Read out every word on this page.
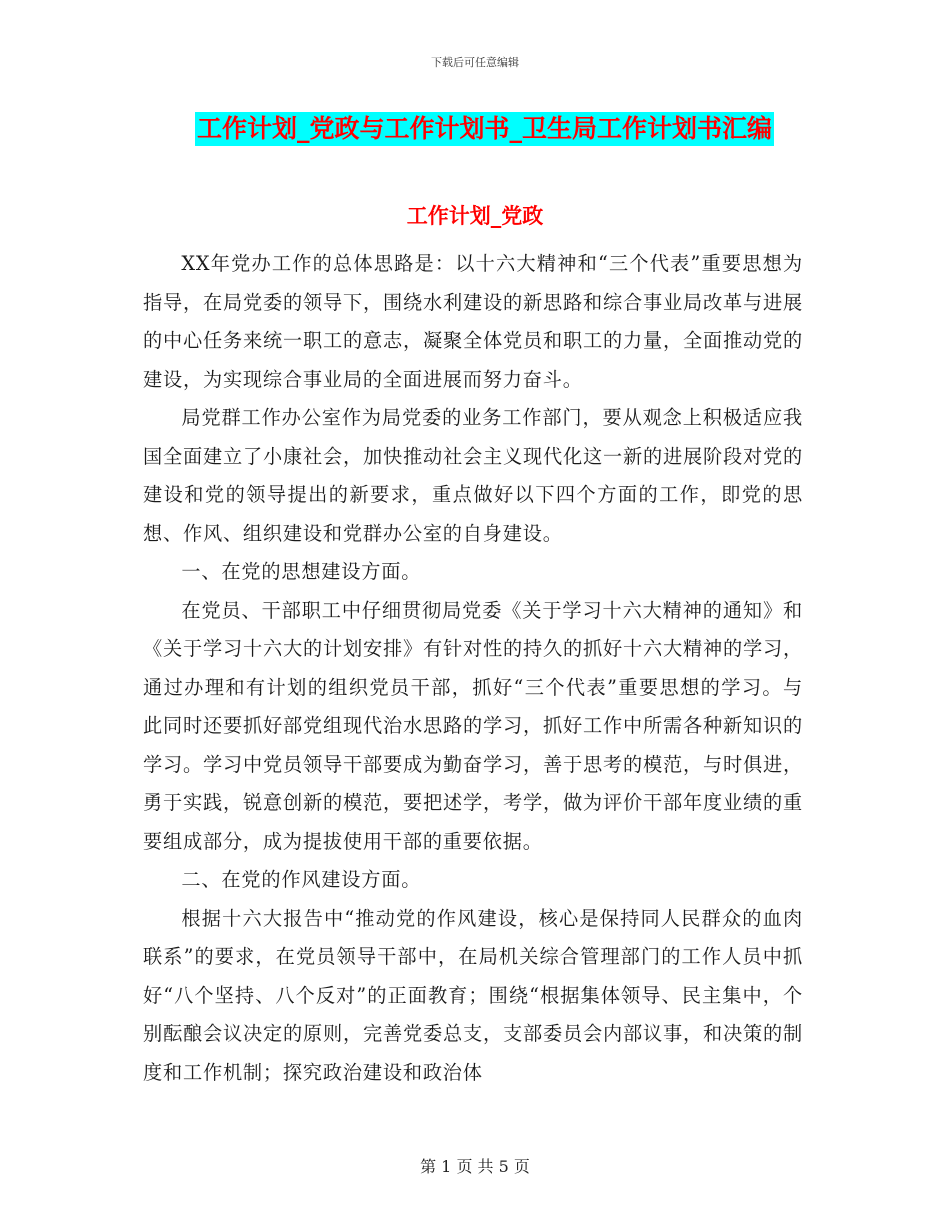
下载后可任意编辑
工作计划_党政与工作计划书_卫生局工作计划书汇编
工作计划_党政

XX年党办工作的总体思路是：以十六大精神和“三个代表”重要思想为指导，在局党委的领导下，围绕水利建设的新思路和综合事业局改革与进展的中心任务来统一职工的意志，凝聚全体党员和职工的力量，全面推动党的建设，为实现综合事业局的全面进展而努力奋斗。

局党群工作办公室作为局党委的业务工作部门，要从观念上积极适应我国全面建立了小康社会，加快推动社会主义现代化这一新的进展阶段对党的建设和党的领导提出的新要求，重点做好以下四个方面的工作，即党的思想、作风、组织建设和党群办公室的自身建设。

一、在党的思想建设方面。

在党员、干部职工中仔细贯彻局党委《关于学习十六大精神的通知》和《关于学习十六大的计划安排》有针对性的持久的抓好十六大精神的学习，通过办理和有计划的组织党员干部，抓好“三个代表”重要思想的学习。与此同时还要抓好部党组现代治水思路的学习，抓好工作中所需各种新知识的学习。学习中党员领导干部要成为勤奋学习，善于思考的模范，与时俱进，勇于实践，锐意创新的模范，要把述学，考学，做为评价干部年度业绩的重要组成部分，成为提拔使用干部的重要依据。

二、在党的作风建设方面。

根据十六大报告中“推动党的作风建设，核心是保持同人民群众的血肉联系”的要求，在党员领导干部中，在局机关综合管理部门的工作人员中抓好“八个坚持、八个反对”的正面教育；围绕“根据集体领导、民主集中，个别酝酿会议决定的原则，完善党委总支，支部委员会内部议事，和决策的制度和工作机制；探究政治建设和政治体

第 1 页 共 5 页
